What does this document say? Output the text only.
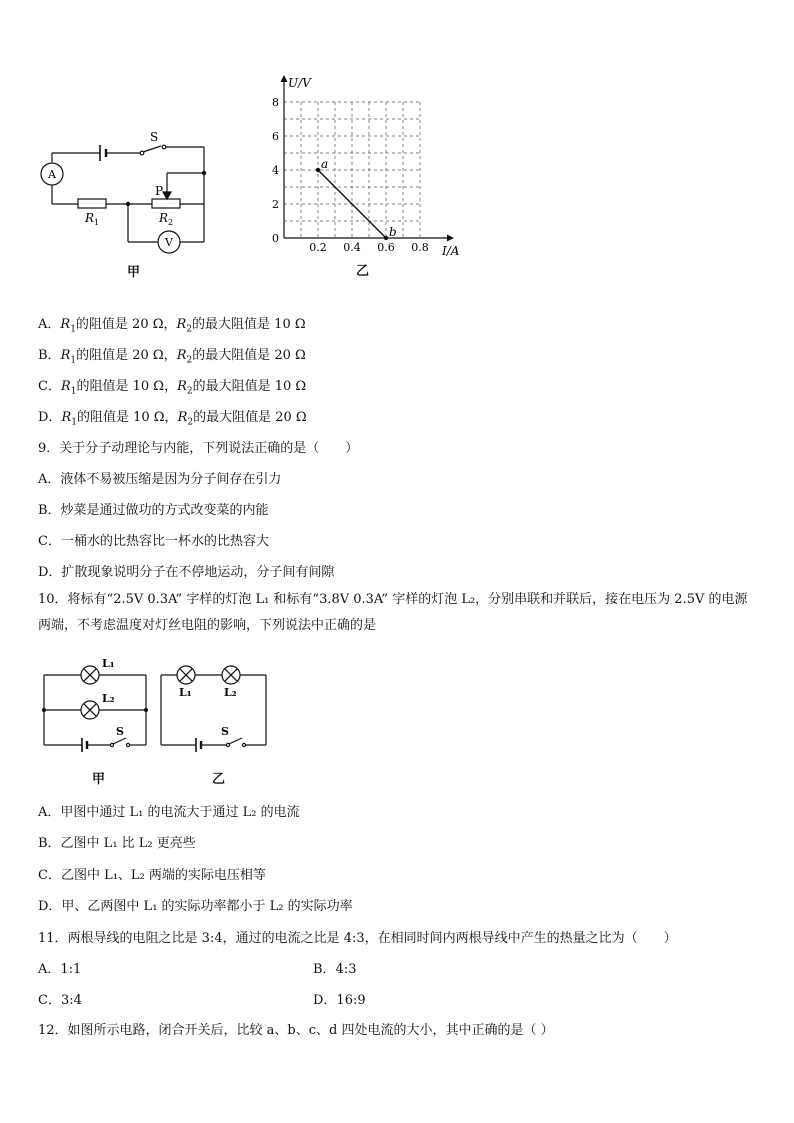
A
S
P
$R_1$	$R_2$
V
甲
0.2 0.4 0.6 0.8
0
2
4
6
8
U/V
I/A
a
b
乙
A．$R_1$的阻值是 20 Ω，$R_2$的最大阻值是 10 Ω
B．$R_1$的阻值是 20 Ω，$R_2$的最大阻值是 20 Ω
C．$R_1$的阻值是 10 Ω，$R_2$的最大阻值是 10 Ω
D．$R_1$的阻值是 10 Ω，$R_2$的最大阻值是 20 Ω
9．关于分子动理论与内能，下列说法正确的是（　　）
A．液体不易被压缩是因为分子间存在引力
B．炒菜是通过做功的方式改变菜的内能
C．一桶水的比热容比一杯水的比热容大
D．扩散现象说明分子在不停地运动，分子间有间隙
10．将标有“2.5V 0.3A” 字样的灯泡 L₁ 和标有“3.8V 0.3A” 字样的灯泡 L₂，分别串联和并联后，接在电压为 2.5V 的电源两端，不考虑温度对灯丝电阻的影响，下列说法中正确的是
L₁
L₂
S
L₁	L₂
S
甲	乙
A．甲图中通过 L₁ 的电流大于通过 L₂ 的电流
B．乙图中 L₁ 比 L₂ 更亮些
C．乙图中 L₁、L₂ 两端的实际电压相等
D．甲、乙两图中 L₁ 的实际功率都小于 L₂ 的实际功率
11．两根导线的电阻之比是 3:4，通过的电流之比是 4:3，在相同时间内两根导线中产生的热量之比为（　　）
A．1:1	B．4:3
C．3:4	D．16:9
12．如图所示电路，闭合开关后，比较 a、b、c、d 四处电流的大小，其中正确的是（ ）
